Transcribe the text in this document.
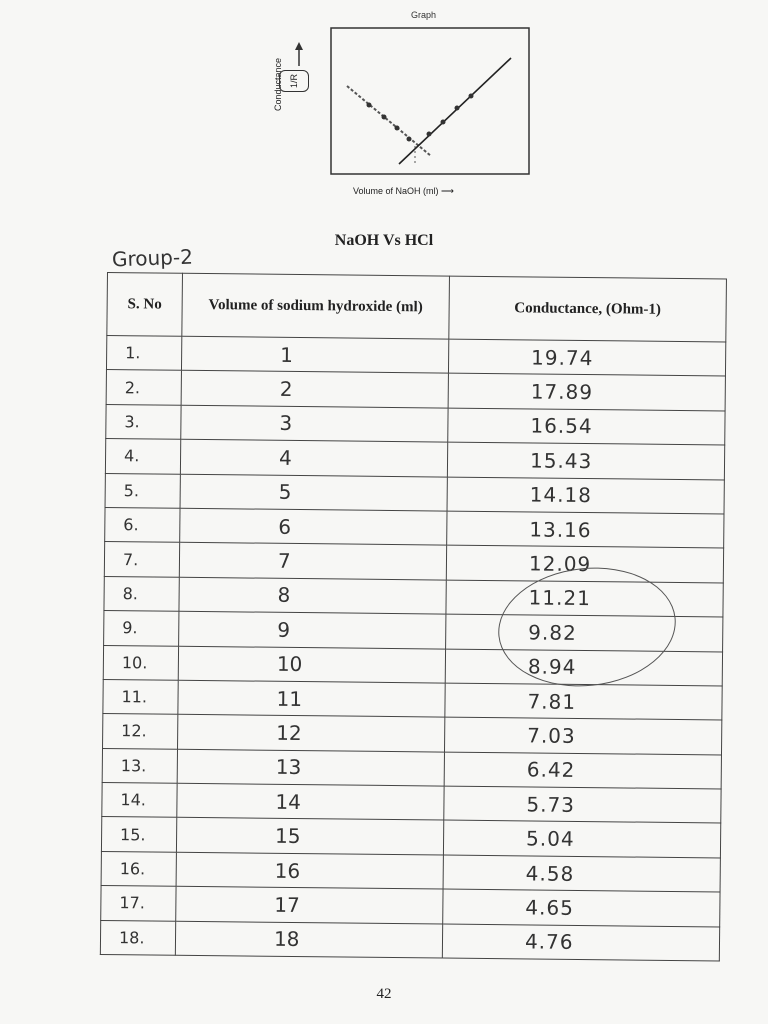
Graph
Conductance
Volume of NaOH (ml) ⟶
1/R
NaOH Vs HCl
Group-2
S. No	Volume of sodium hydroxide (ml)	Conductance, (Ohm-1)
1.	1	19.74
2.	2	17.89
3.	3	16.54
4.	4	15.43
5.	5	14.18
6.	6	13.16
7.	7	12.09
8.	8	11.21
9.	9	9.82
10.	10	8.94
11.	11	7.81
12.	12	7.03
13.	13	6.42
14.	14	5.73
15.	15	5.04
16.	16	4.58
17.	17	4.65
18.	18	4.76
42
